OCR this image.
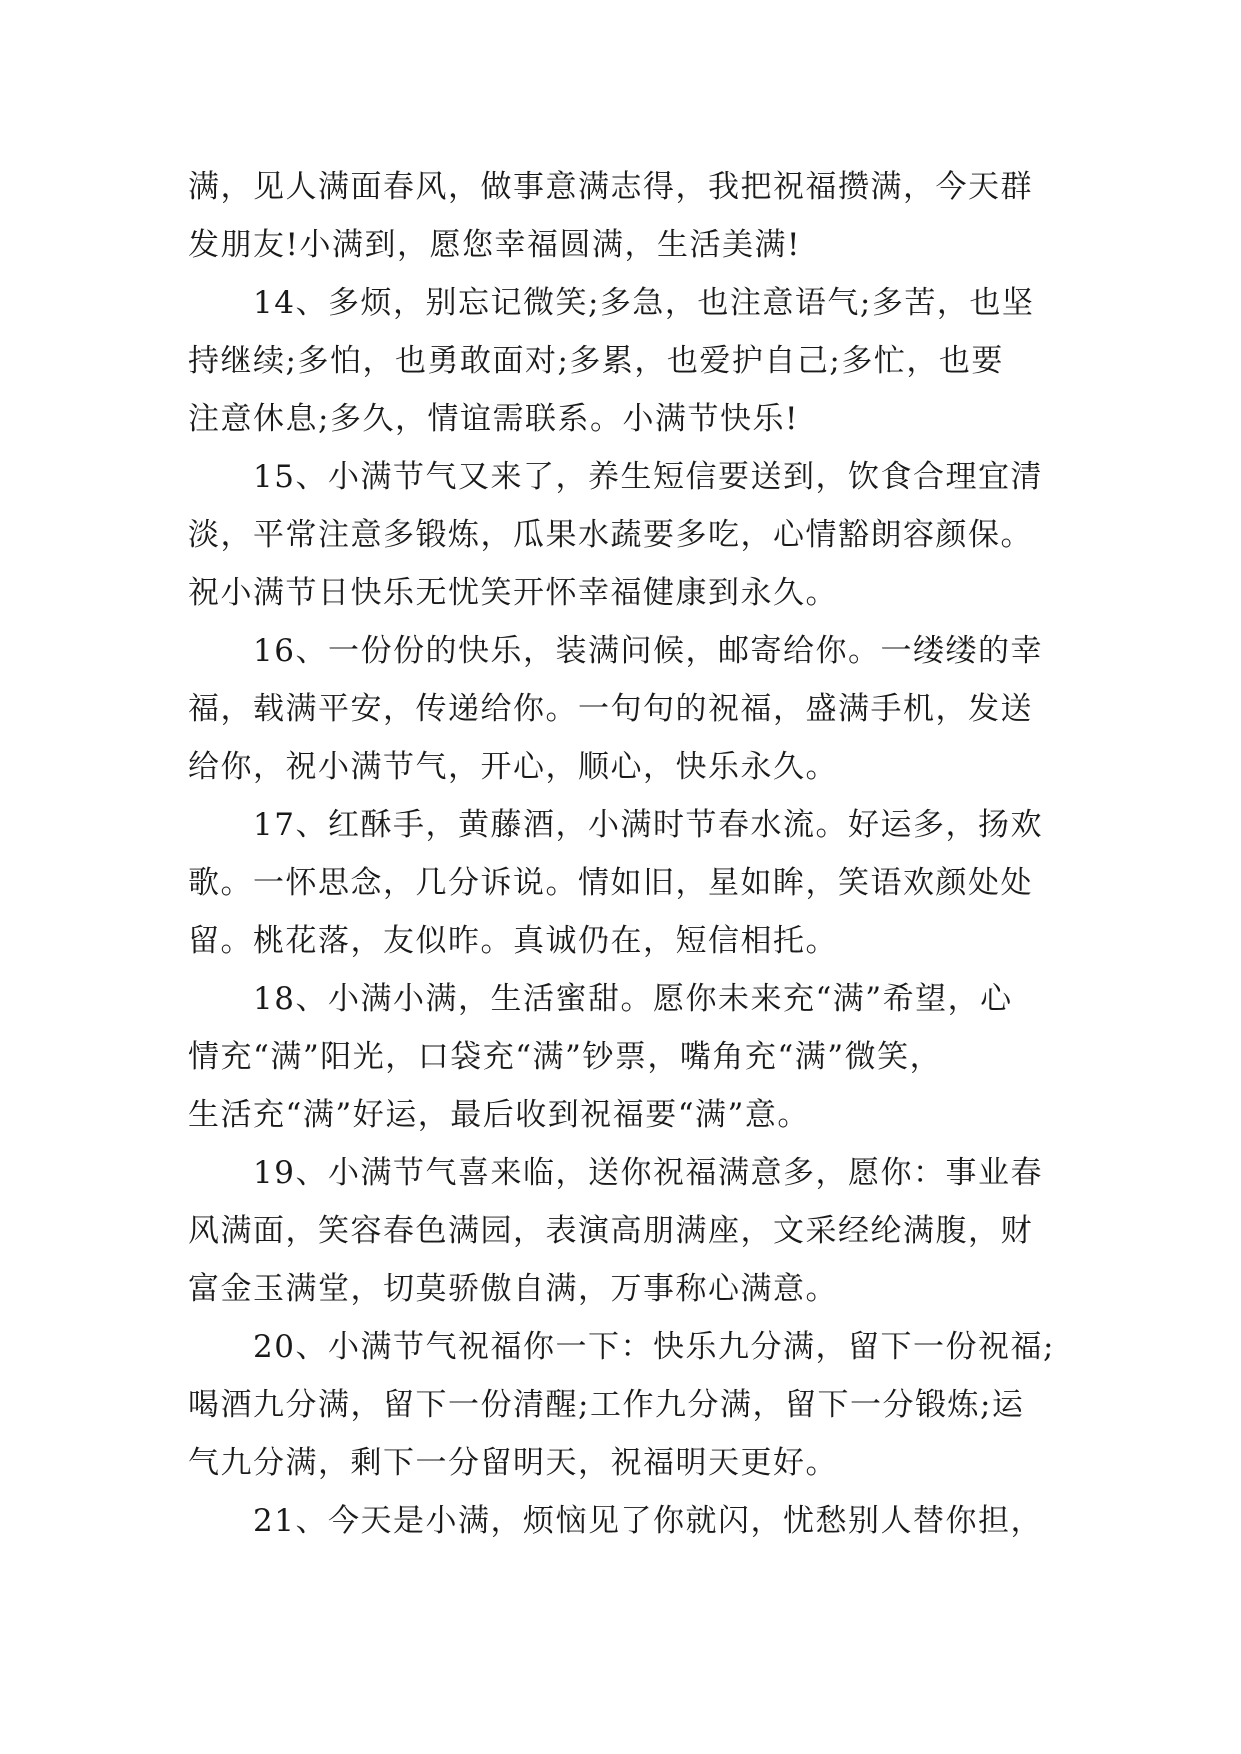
满，见人满面春风，做事意满志得，我把祝福攒满，今天群
发朋友!小满到，愿您幸福圆满，生活美满!
14、多烦，别忘记微笑;多急，也注意语气;多苦，也坚
持继续;多怕，也勇敢面对;多累，也爱护自己;多忙，也要
注意休息;多久，情谊需联系。小满节快乐!
15、小满节气又来了，养生短信要送到，饮食合理宜清
淡，平常注意多锻炼，瓜果水蔬要多吃，心情豁朗容颜保。
祝小满节日快乐无忧笑开怀幸福健康到永久。
16、一份份的快乐，装满问候，邮寄给你。一缕缕的幸
福，载满平安，传递给你。一句句的祝福，盛满手机，发送
给你，祝小满节气，开心，顺心，快乐永久。
17、红酥手，黄藤酒，小满时节春水流。好运多，扬欢
歌。一怀思念，几分诉说。情如旧，星如眸，笑语欢颜处处
留。桃花落，友似昨。真诚仍在，短信相托。
18、小满小满，生活蜜甜。愿你未来充“满”希望，心
情充“满”阳光，口袋充“满”钞票，嘴角充“满”微笑，
生活充“满”好运，最后收到祝福要“满”意。
19、小满节气喜来临，送你祝福满意多，愿你：事业春
风满面，笑容春色满园，表演高朋满座，文采经纶满腹，财
富金玉满堂，切莫骄傲自满，万事称心满意。
20、小满节气祝福你一下：快乐九分满，留下一份祝福;
喝酒九分满，留下一份清醒;工作九分满，留下一分锻炼;运
气九分满，剩下一分留明天，祝福明天更好。
21、今天是小满，烦恼见了你就闪，忧愁别人替你担，
